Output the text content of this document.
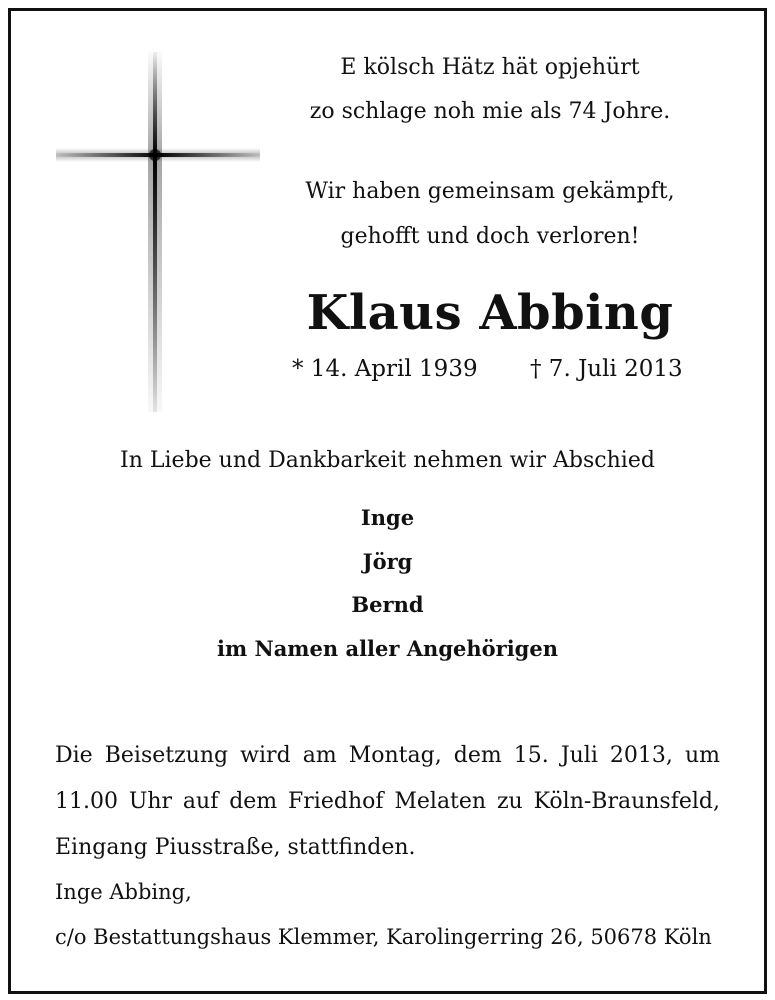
E kölsch Hätz hät opjehürt
zo schlage noh mie als 74 Johre.
Wir haben gemeinsam gekämpft,
gehofft und doch verloren!
Klaus Abbing
* 14. April 1939 † 7. Juli 2013
In Liebe und Dankbarkeit nehmen wir Abschied
Inge
Jörg
Bernd
im Namen aller Angehörigen
Die Beisetzung wird am Montag, dem 15. Juli 2013, um
11.00 Uhr auf dem Friedhof Melaten zu Köln-Braunsfeld,
Eingang Piusstraße, stattfinden.
Inge Abbing,
c/o Bestattungshaus Klemmer, Karolingerring 26, 50678 Köln
